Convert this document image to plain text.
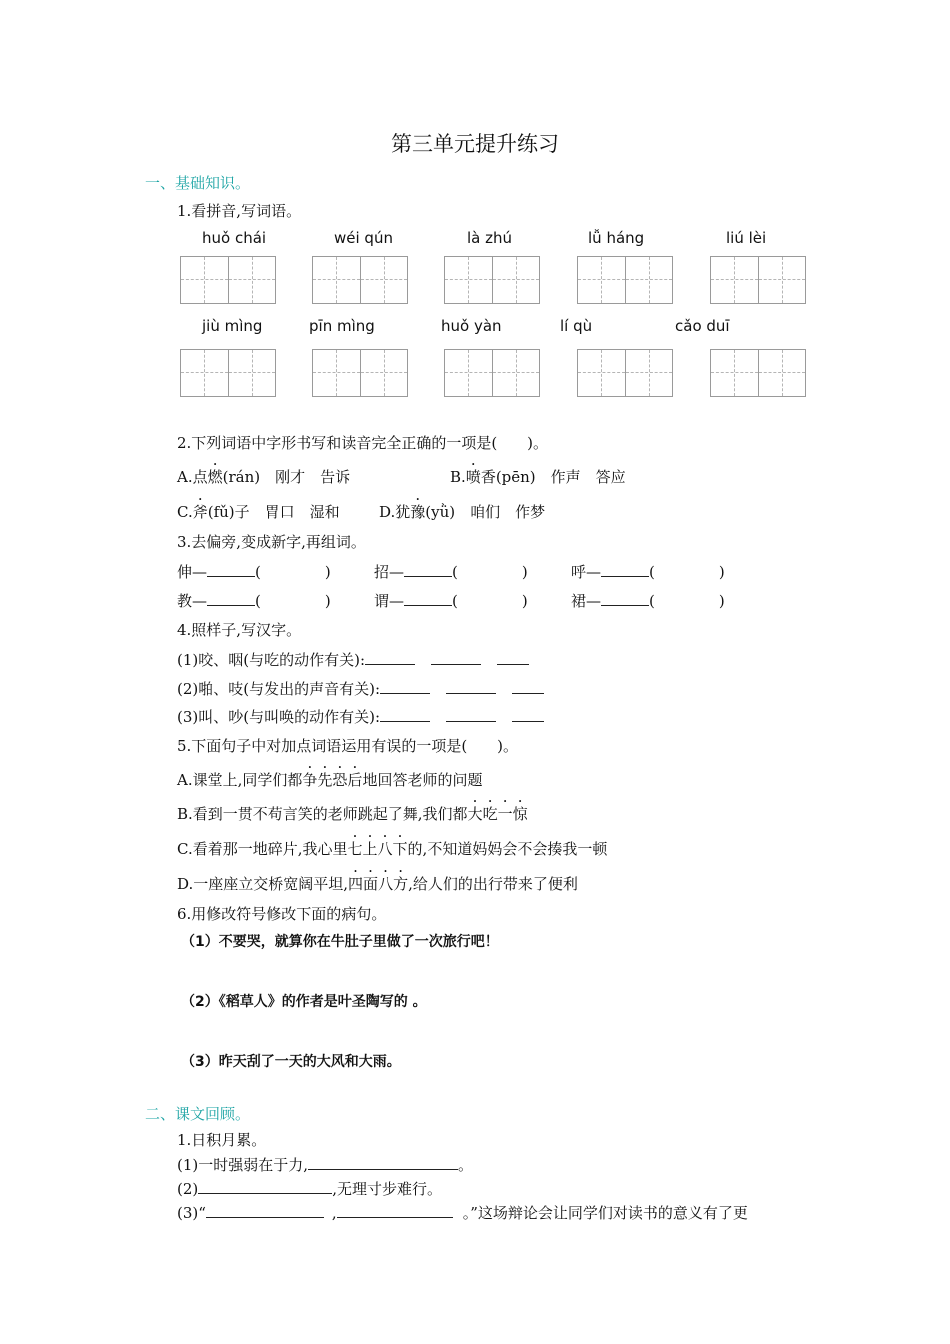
第三单元提升练习
一、基础知识。
1.看拼音,写词语。
huǒ chái	wéi qún	là zhú	lǚ háng	liú lèi
jiù mìng	pīn mìng	huǒ yàn	lí qù	cǎo duī
2.下列词语中字形书写和读音完全正确的一项是(　　)。
A.点燃(rán)　刚才　告诉	B.喷香(pēn)　作声　答应
C.斧(fǔ)子　胃口　湿和	D.犹豫(yǜ)　咱们　作梦
3.去偏旁,变成新字,再组词。
伸—	(	)	招—	(	)	呼—	(	)
教—	(	)	谓—	(	)	裙—	(	)
4.照样子,写汉字。
(1)咬、咽(与吃的动作有关):
(2)啪、吱(与发出的声音有关):
(3)叫、吵(与叫唤的动作有关):
5.下面句子中对加点词语运用有误的一项是(　　)。
A.课堂上,同学们都争先恐后地回答老师的问题
B.看到一贯不苟言笑的老师跳起了舞,我们都大吃一惊
C.看着那一地碎片,我心里七上八下的,不知道妈妈会不会揍我一顿
D.一座座立交桥宽阔平坦,四面八方,给人们的出行带来了便利
6.用修改符号修改下面的病句。
（1）不要哭，就算你在牛肚子里做了一次旅行吧！
（2）《稻草人》的作者是叶圣陶写的 。
（3）昨天刮了一天的大风和大雨。
二、课文回顾。
1.日积月累。
(1)一时强弱在于力,	。
(2)	,无理寸步难行。
(3)“	,	。”这场辩论会让同学们对读书的意义有了更
